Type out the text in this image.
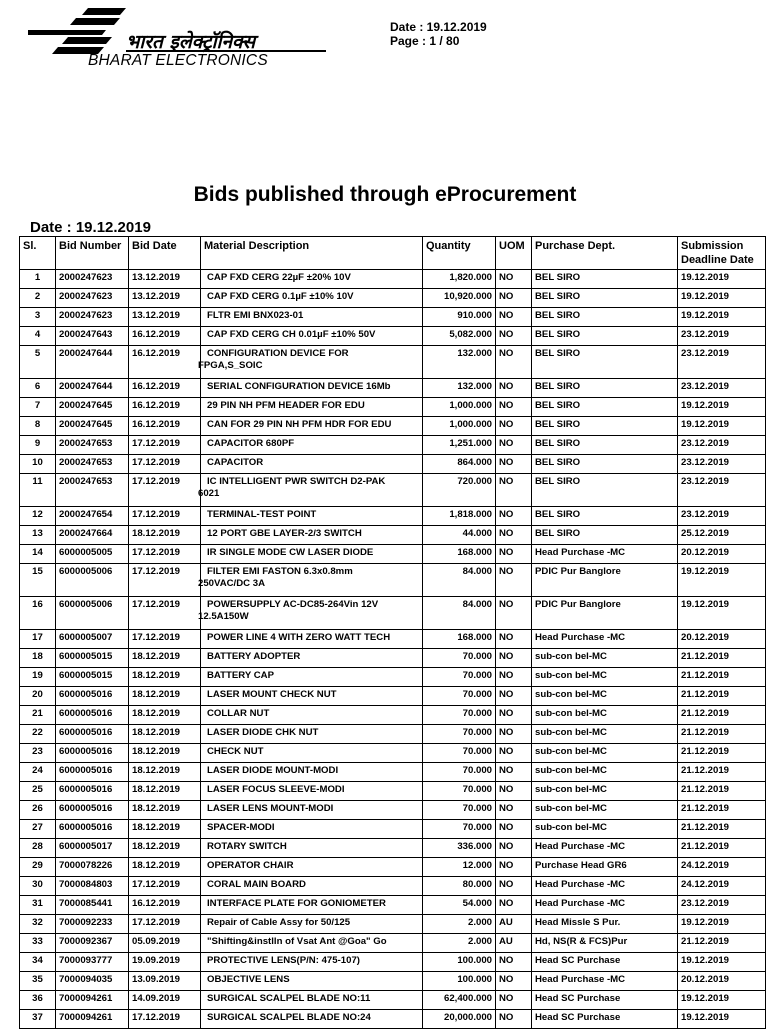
भारत इलेक्ट्रॉनिक्स
BHARAT ELECTRONICS
Date : 19.12.2019
Page : 1 / 80
Bids published through eProcurement
Date : 19.12.2019
Sl.	Bid Number	Bid Date	Material Description	Quantity	UOM	Purchase Dept.	Submission Deadline Date
1	2000247623	13.12.2019	CAP FXD CERG 22µF ±20% 10V	1,820.000	NO	BEL SIRO	19.12.2019
2	2000247623	13.12.2019	CAP FXD CERG 0.1µF ±10% 10V	10,920.000	NO	BEL SIRO	19.12.2019
3	2000247623	13.12.2019	FLTR EMI BNX023-01	910.000	NO	BEL SIRO	19.12.2019
4	2000247643	16.12.2019	CAP FXD CERG CH 0.01µF ±10% 50V	5,082.000	NO	BEL SIRO	23.12.2019
5	2000247644	16.12.2019	CONFIGURATION DEVICE FOR
FPGA,S_SOIC	132.000	NO	BEL SIRO	23.12.2019
6	2000247644	16.12.2019	SERIAL CONFIGURATION DEVICE 16Mb	132.000	NO	BEL SIRO	23.12.2019
7	2000247645	16.12.2019	29 PIN NH PFM HEADER FOR EDU	1,000.000	NO	BEL SIRO	19.12.2019
8	2000247645	16.12.2019	CAN FOR 29 PIN NH PFM HDR FOR EDU	1,000.000	NO	BEL SIRO	19.12.2019
9	2000247653	17.12.2019	CAPACITOR 680PF	1,251.000	NO	BEL SIRO	23.12.2019
10	2000247653	17.12.2019	CAPACITOR	864.000	NO	BEL SIRO	23.12.2019
11	2000247653	17.12.2019	IC INTELLIGENT PWR SWITCH D2-PAK
6021	720.000	NO	BEL SIRO	23.12.2019
12	2000247654	17.12.2019	TERMINAL-TEST POINT	1,818.000	NO	BEL SIRO	23.12.2019
13	2000247664	18.12.2019	12 PORT GBE LAYER-2/3 SWITCH	44.000	NO	BEL SIRO	25.12.2019
14	6000005005	17.12.2019	IR SINGLE MODE CW LASER DIODE	168.000	NO	Head Purchase -MC	20.12.2019
15	6000005006	17.12.2019	FILTER EMI FASTON 6.3x0.8mm
250VAC/DC 3A	84.000	NO	PDIC Pur Banglore	19.12.2019
16	6000005006	17.12.2019	POWERSUPPLY AC-DC85-264Vin 12V
12.5A150W	84.000	NO	PDIC Pur Banglore	19.12.2019
17	6000005007	17.12.2019	POWER LINE 4 WITH ZERO WATT TECH	168.000	NO	Head Purchase -MC	20.12.2019
18	6000005015	18.12.2019	BATTERY ADOPTER	70.000	NO	sub-con bel-MC	21.12.2019
19	6000005015	18.12.2019	BATTERY CAP	70.000	NO	sub-con bel-MC	21.12.2019
20	6000005016	18.12.2019	LASER MOUNT CHECK NUT	70.000	NO	sub-con bel-MC	21.12.2019
21	6000005016	18.12.2019	COLLAR NUT	70.000	NO	sub-con bel-MC	21.12.2019
22	6000005016	18.12.2019	LASER DIODE CHK NUT	70.000	NO	sub-con bel-MC	21.12.2019
23	6000005016	18.12.2019	CHECK NUT	70.000	NO	sub-con bel-MC	21.12.2019
24	6000005016	18.12.2019	LASER DIODE MOUNT-MODI	70.000	NO	sub-con bel-MC	21.12.2019
25	6000005016	18.12.2019	LASER FOCUS SLEEVE-MODI	70.000	NO	sub-con bel-MC	21.12.2019
26	6000005016	18.12.2019	LASER LENS MOUNT-MODI	70.000	NO	sub-con bel-MC	21.12.2019
27	6000005016	18.12.2019	SPACER-MODI	70.000	NO	sub-con bel-MC	21.12.2019
28	6000005017	18.12.2019	ROTARY SWITCH	336.000	NO	Head Purchase -MC	21.12.2019
29	7000078226	18.12.2019	OPERATOR CHAIR	12.000	NO	Purchase Head GR6	24.12.2019
30	7000084803	17.12.2019	CORAL MAIN BOARD	80.000	NO	Head Purchase -MC	24.12.2019
31	7000085441	16.12.2019	INTERFACE PLATE FOR GONIOMETER	54.000	NO	Head Purchase -MC	23.12.2019
32	7000092233	17.12.2019	Repair of Cable Assy for 50/125	2.000	AU	Head Missle S Pur.	19.12.2019
33	7000092367	05.09.2019	"Shifting&instlln of Vsat Ant @Goa" Go	2.000	AU	Hd, NS(R & FCS)Pur	21.12.2019
34	7000093777	19.09.2019	PROTECTIVE LENS(P/N: 475-107)	100.000	NO	Head SC Purchase	19.12.2019
35	7000094035	13.09.2019	OBJECTIVE LENS	100.000	NO	Head Purchase -MC	20.12.2019
36	7000094261	14.09.2019	SURGICAL SCALPEL BLADE NO:11	62,400.000	NO	Head SC Purchase	19.12.2019
37	7000094261	17.12.2019	SURGICAL SCALPEL BLADE NO:24	20,000.000	NO	Head SC Purchase	19.12.2019
